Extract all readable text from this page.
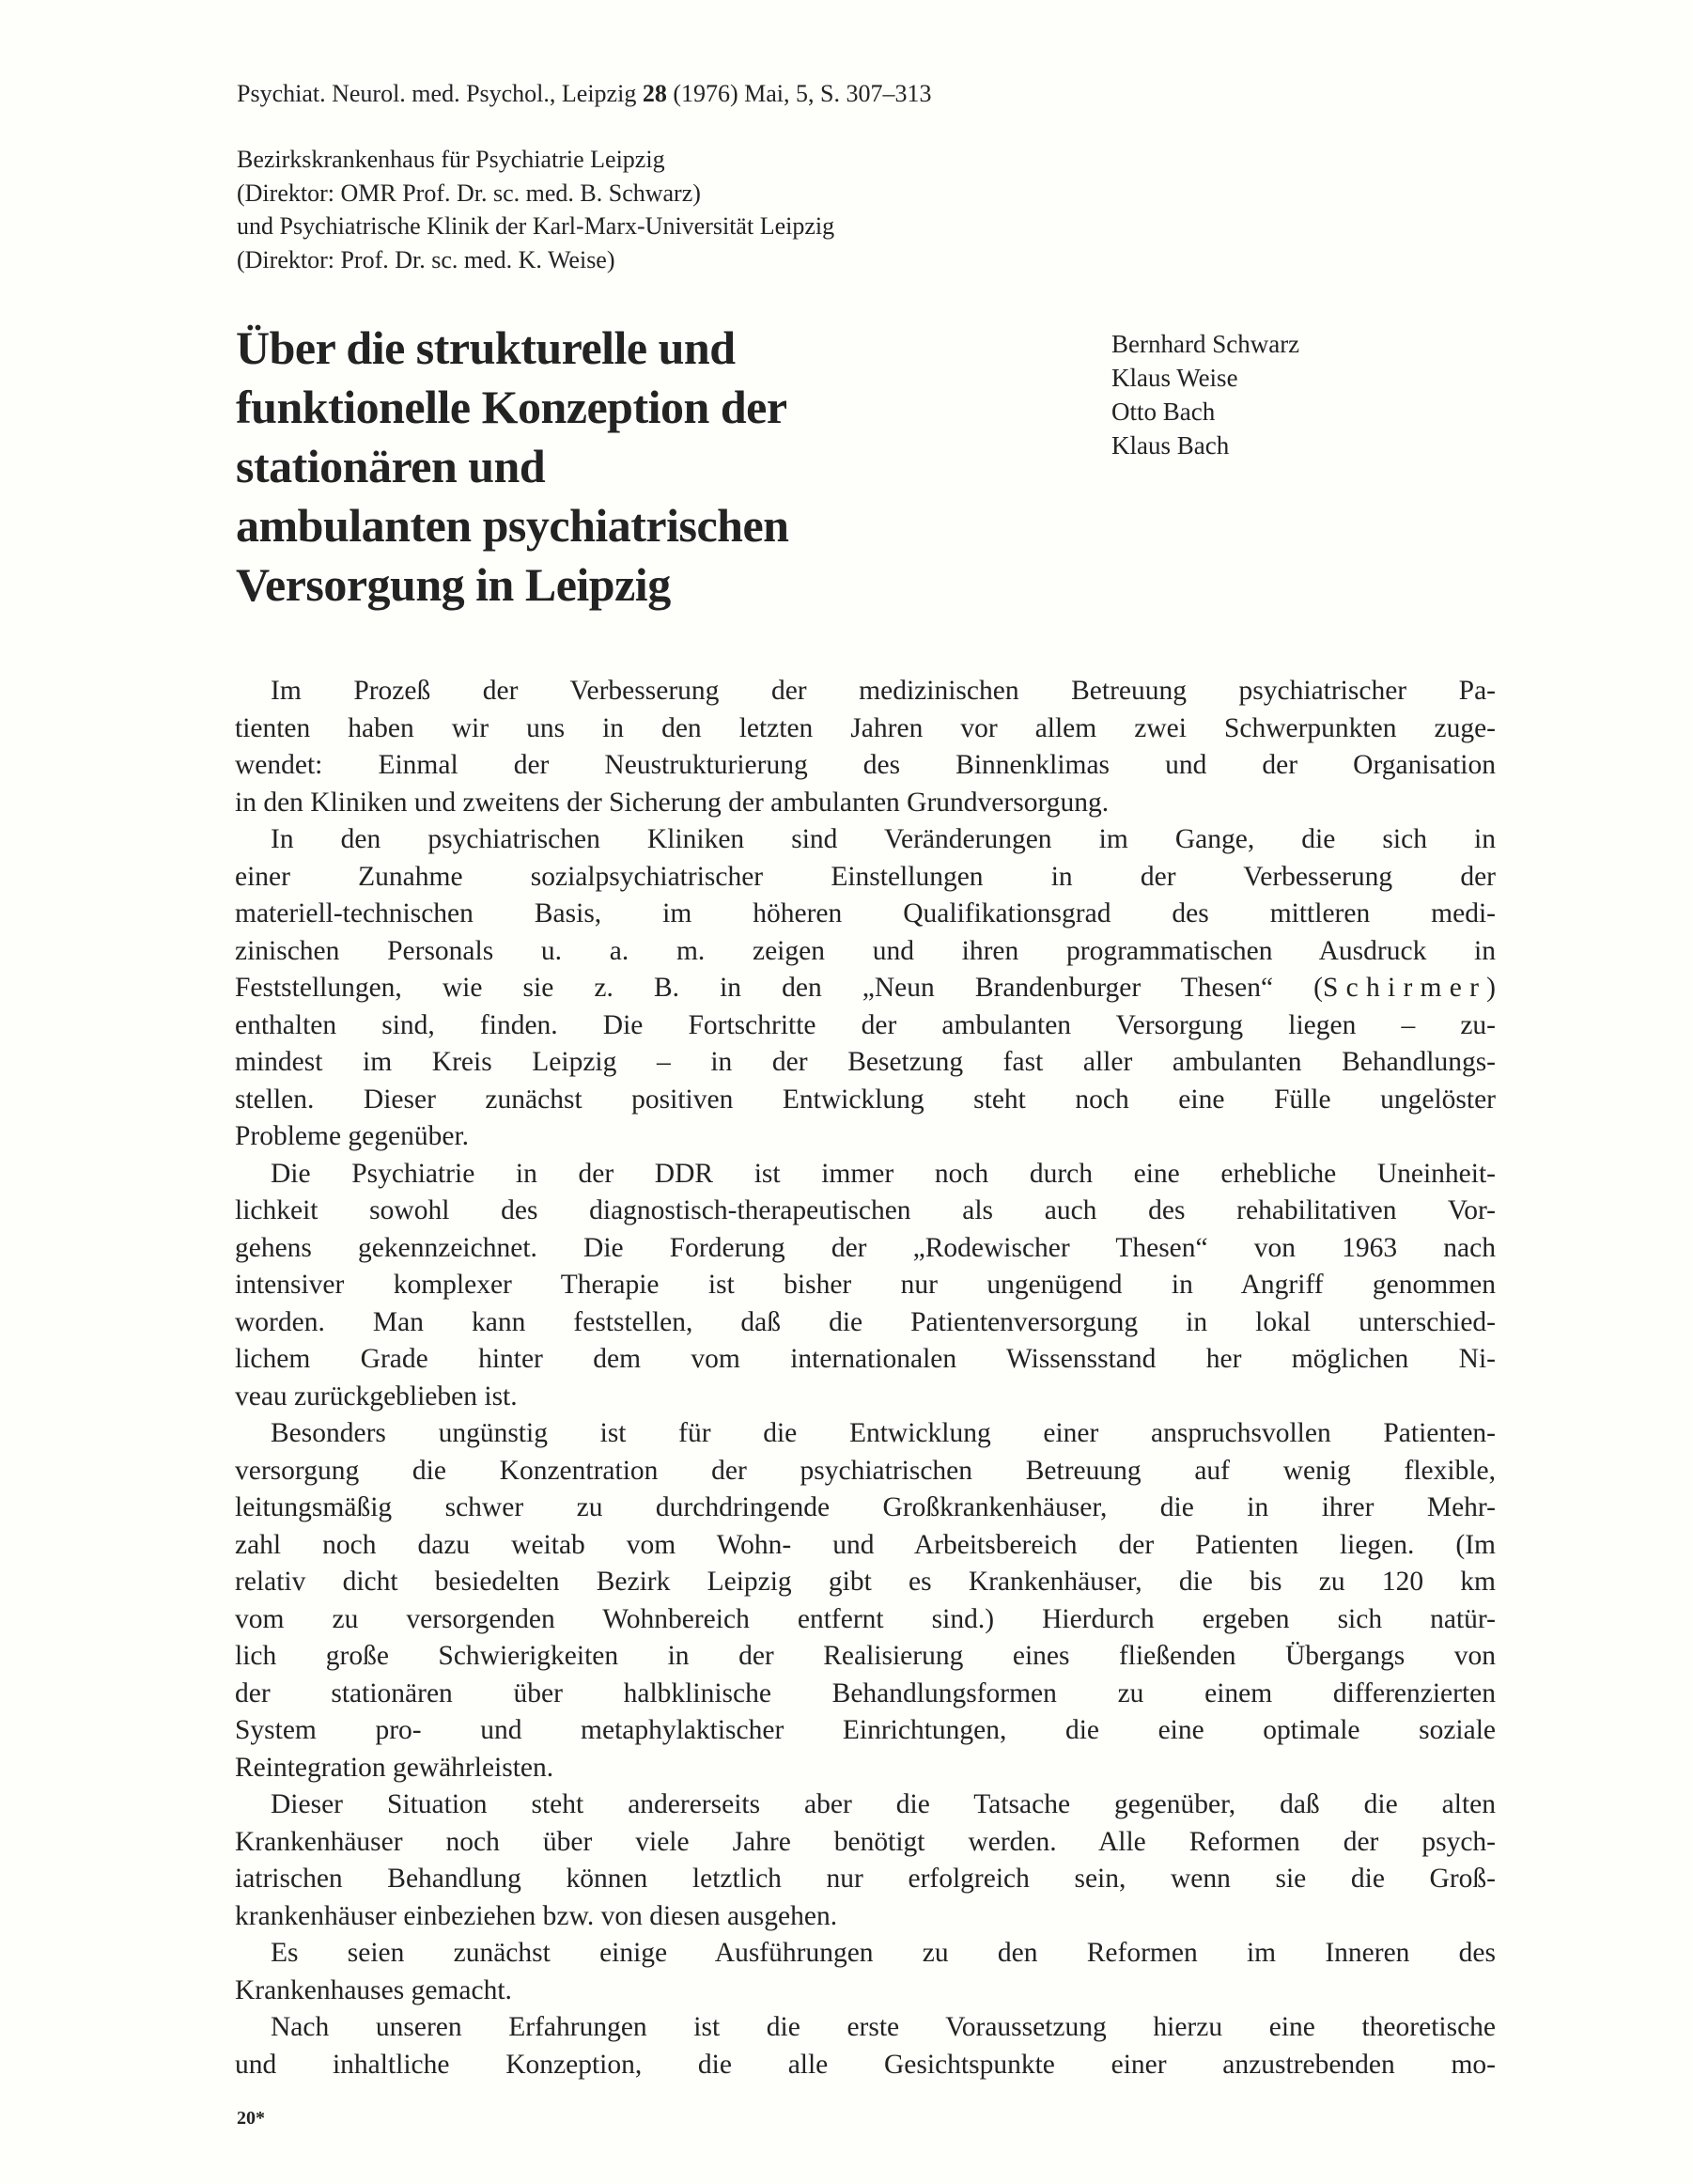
Psychiat. Neurol. med. Psychol., Leipzig 28 (1976) Mai, 5, S. 307–313
Bezirkskrankenhaus für Psychiatrie Leipzig
(Direktor: OMR Prof. Dr. sc. med. B. Schwarz)
und Psychiatrische Klinik der Karl-Marx-Universität Leipzig
(Direktor: Prof. Dr. sc. med. K. Weise)
Über die strukturelle und
funktionelle Konzeption der
stationären und
ambulanten psychiatrischen
Versorgung in Leipzig
Bernhard Schwarz
Klaus Weise
Otto Bach
Klaus Bach
Im Prozeß der Verbesserung der medizinischen Betreuung psychiatrischer Pa-
tienten haben wir uns in den letzten Jahren vor allem zwei Schwerpunkten zuge-
wendet: Einmal der Neustrukturierung des Binnenklimas und der Organisation
in den Kliniken und zweitens der Sicherung der ambulanten Grundversorgung.
In den psychiatrischen Kliniken sind Veränderungen im Gange, die sich in
einer Zunahme sozialpsychiatrischer Einstellungen in der Verbesserung der
materiell-technischen Basis, im höheren Qualifikationsgrad des mittleren medi-
zinischen Personals u. a. m. zeigen und ihren programmatischen Ausdruck in
Feststellungen, wie sie z. B. in den „Neun Brandenburger Thesen“ (Schirmer)
enthalten sind, finden. Die Fortschritte der ambulanten Versorgung liegen – zu-
mindest im Kreis Leipzig – in der Besetzung fast aller ambulanten Behandlungs-
stellen. Dieser zunächst positiven Entwicklung steht noch eine Fülle ungelöster
Probleme gegenüber.
Die Psychiatrie in der DDR ist immer noch durch eine erhebliche Uneinheit-
lichkeit sowohl des diagnostisch-therapeutischen als auch des rehabilitativen Vor-
gehens gekennzeichnet. Die Forderung der „Rodewischer Thesen“ von 1963 nach
intensiver komplexer Therapie ist bisher nur ungenügend in Angriff genommen
worden. Man kann feststellen, daß die Patientenversorgung in lokal unterschied-
lichem Grade hinter dem vom internationalen Wissensstand her möglichen Ni-
veau zurückgeblieben ist.
Besonders ungünstig ist für die Entwicklung einer anspruchsvollen Patienten-
versorgung die Konzentration der psychiatrischen Betreuung auf wenig flexible,
leitungsmäßig schwer zu durchdringende Großkrankenhäuser, die in ihrer Mehr-
zahl noch dazu weitab vom Wohn- und Arbeitsbereich der Patienten liegen. (Im
relativ dicht besiedelten Bezirk Leipzig gibt es Krankenhäuser, die bis zu 120 km
vom zu versorgenden Wohnbereich entfernt sind.) Hierdurch ergeben sich natür-
lich große Schwierigkeiten in der Realisierung eines fließenden Übergangs von
der stationären über halbklinische Behandlungsformen zu einem differenzierten
System pro- und metaphylaktischer Einrichtungen, die eine optimale soziale
Reintegration gewährleisten.
Dieser Situation steht andererseits aber die Tatsache gegenüber, daß die alten
Krankenhäuser noch über viele Jahre benötigt werden. Alle Reformen der psych-
iatrischen Behandlung können letztlich nur erfolgreich sein, wenn sie die Groß-
krankenhäuser einbeziehen bzw. von diesen ausgehen.
Es seien zunächst einige Ausführungen zu den Reformen im Inneren des
Krankenhauses gemacht.
Nach unseren Erfahrungen ist die erste Voraussetzung hierzu eine theoretische
und inhaltliche Konzeption, die alle Gesichtspunkte einer anzustrebenden mo-
20*
